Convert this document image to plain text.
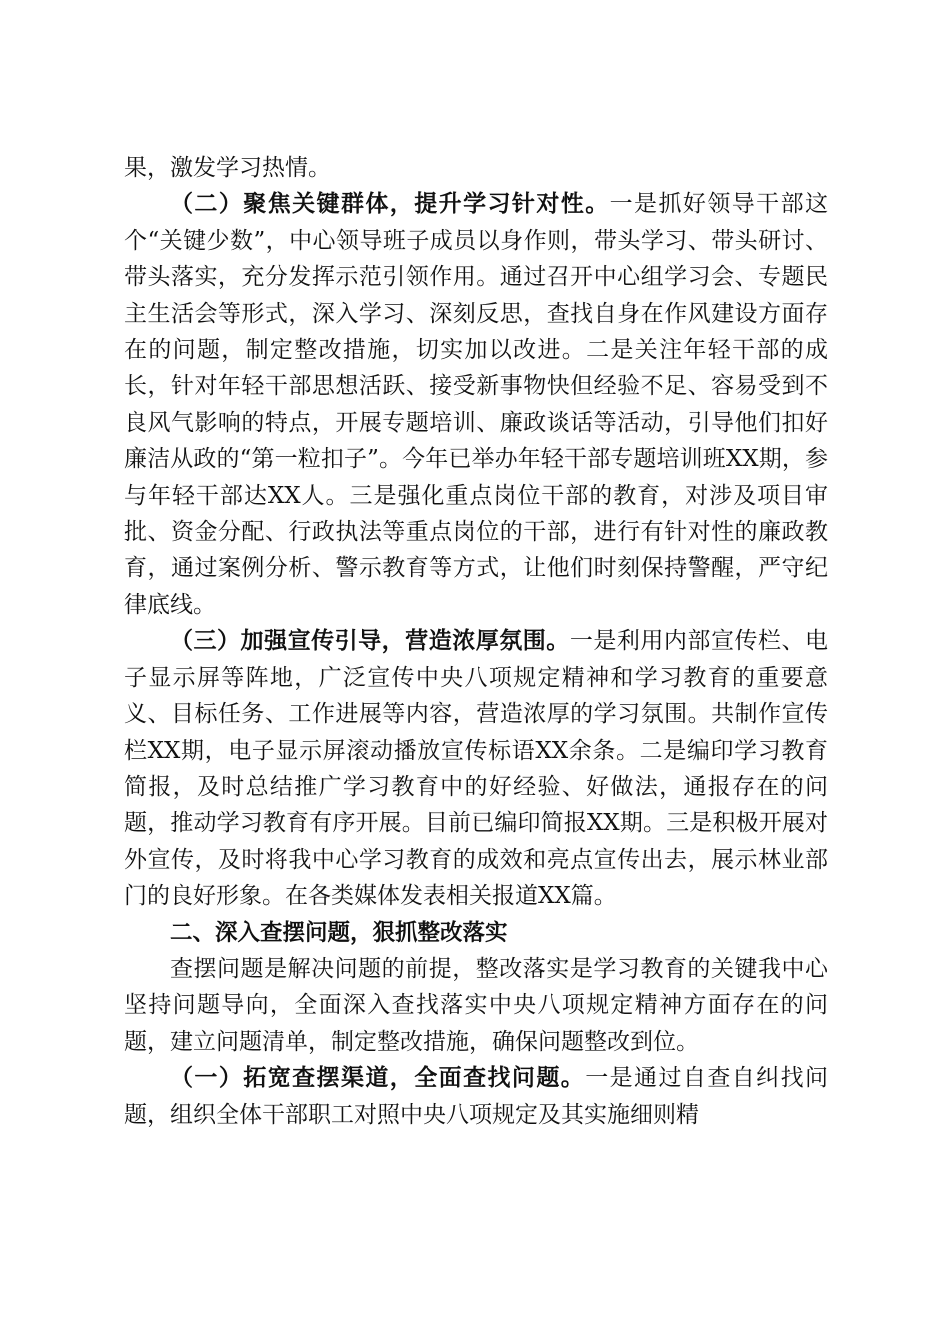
果，激发学习热情。

（二）聚焦关键群体，提升学习针对性。一是抓好领导干部这个“关键少数”，中心领导班子成员以身作则，带头学习、带头研讨、带头落实，充分发挥示范引领作用。通过召开中心组学习会、专题民主生活会等形式，深入学习、深刻反思，查找自身在作风建设方面存在的问题，制定整改措施，切实加以改进。二是关注年轻干部的成长，针对年轻干部思想活跃、接受新事物快但经验不足、容易受到不良风气影响的特点，开展专题培训、廉政谈话等活动，引导他们扣好廉洁从政的“第一粒扣子”。今年已举办年轻干部专题培训班XX期，参与年轻干部达XX人。三是强化重点岗位干部的教育，对涉及项目审批、资金分配、行政执法等重点岗位的干部，进行有针对性的廉政教育，通过案例分析、警示教育等方式，让他们时刻保持警醒，严守纪律底线。

（三）加强宣传引导，营造浓厚氛围。一是利用内部宣传栏、电子显示屏等阵地，广泛宣传中央八项规定精神和学习教育的重要意义、目标任务、工作进展等内容，营造浓厚的学习氛围。共制作宣传栏XX期，电子显示屏滚动播放宣传标语XX余条。二是编印学习教育简报，及时总结推广学习教育中的好经验、好做法，通报存在的问题，推动学习教育有序开展。目前已编印简报XX期。三是积极开展对外宣传，及时将我中心学习教育的成效和亮点宣传出去，展示林业部门的良好形象。在各类媒体发表相关报道XX篇。

二、深入查摆问题，狠抓整改落实

查摆问题是解决问题的前提，整改落实是学习教育的关键我中心坚持问题导向，全面深入查找落实中央八项规定精神方面存在的问题，建立问题清单，制定整改措施，确保问题整改到位。

（一）拓宽查摆渠道，全面查找问题。一是通过自查自纠找问题，组织全体干部职工对照中央八项规定及其实施细则精
